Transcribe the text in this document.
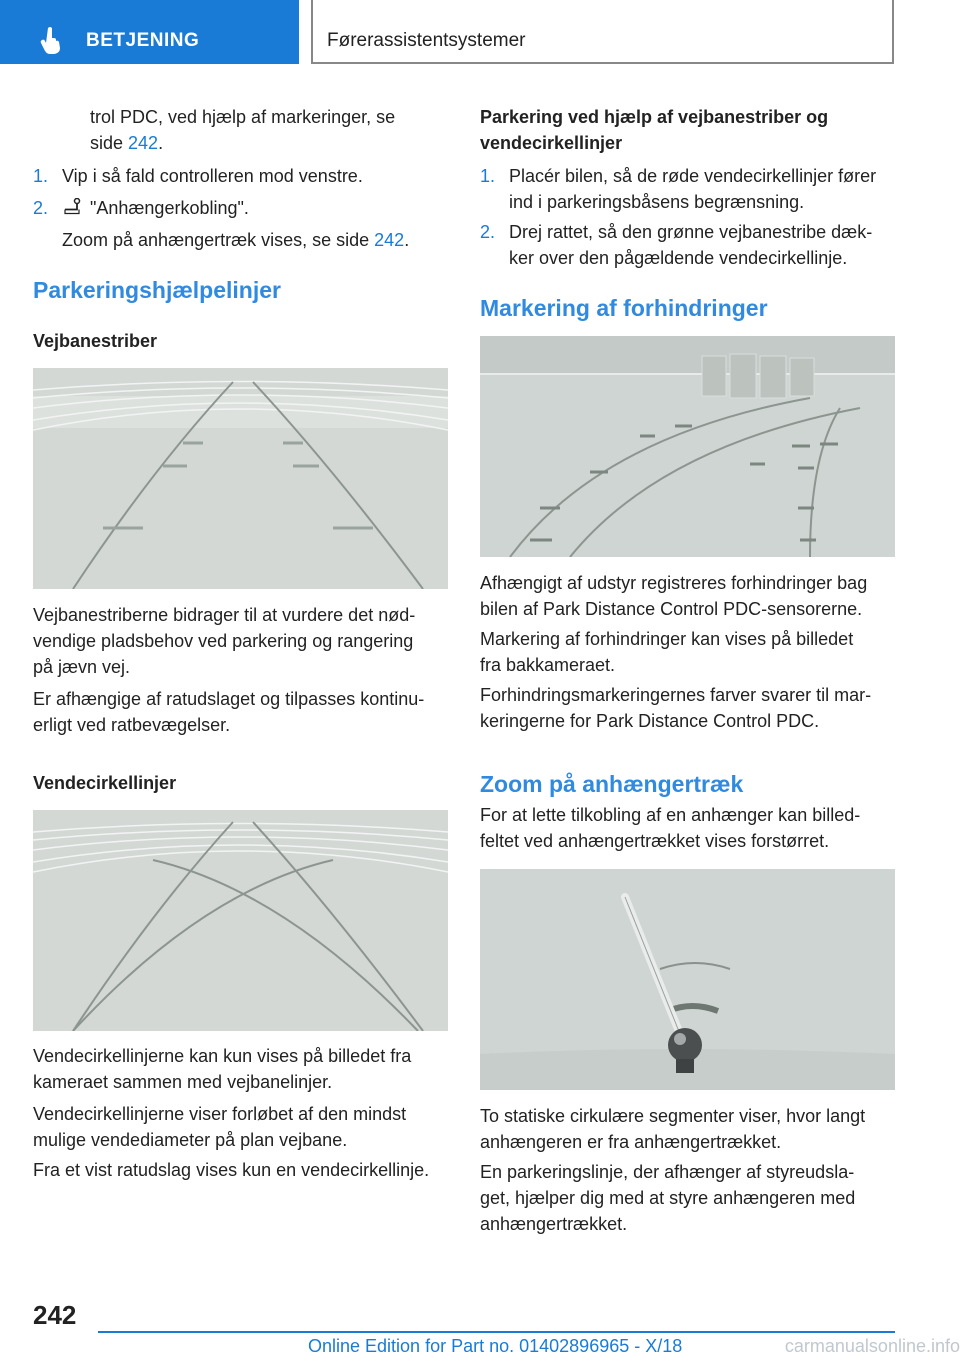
BETJENING	Førerassistentsystemer
trol PDC, ved hjælp af markeringer, se
side 242.
1. Vip i så fald controlleren mod venstre.
2. "Anhængerkobling".
Zoom på anhængertræk vises, se side 242.
Parkeringshjælpelinjer
Vejbanestriber
Vejbanestriberne bidrager til at vurdere det nød-
vendige pladsbehov ved parkering og rangering
på jævn vej.
Er afhængige af ratudslaget og tilpasses kontinu-
erligt ved ratbevægelser.
Vendecirkellinjer
Vendecirkellinjerne kan kun vises på billedet fra
kameraet sammen med vejbanelinjer.
Vendecirkellinjerne viser forløbet af den mindst
mulige vendediameter på plan vejbane.
Fra et vist ratudslag vises kun en vendecirkellinje.
Parkering ved hjælp af vejbanestriber og
vendecirkellinjer
1. Placér bilen, så de røde vendecirkellinjer fører
ind i parkeringsbåsens begrænsning.
2. Drej rattet, så den grønne vejbanestribe dæk-
ker over den pågældende vendecirkellinje.
Markering af forhindringer
Afhængigt af udstyr registreres forhindringer bag
bilen af Park Distance Control PDC-sensorerne.
Markering af forhindringer kan vises på billedet
fra bakkameraet.
Forhindringsmarkeringernes farver svarer til mar-
keringerne for Park Distance Control PDC.
Zoom på anhængertræk
For at lette tilkobling af en anhænger kan billed-
feltet ved anhængertrækket vises forstørret.
To statiske cirkulære segmenter viser, hvor langt
anhængeren er fra anhængertrækket.
En parkeringslinje, der afhænger af styreudsla-
get, hjælper dig med at styre anhængeren med
anhængertrækket.
242
Online Edition for Part no. 01402896965 - X/18	carmanualsonline.info
